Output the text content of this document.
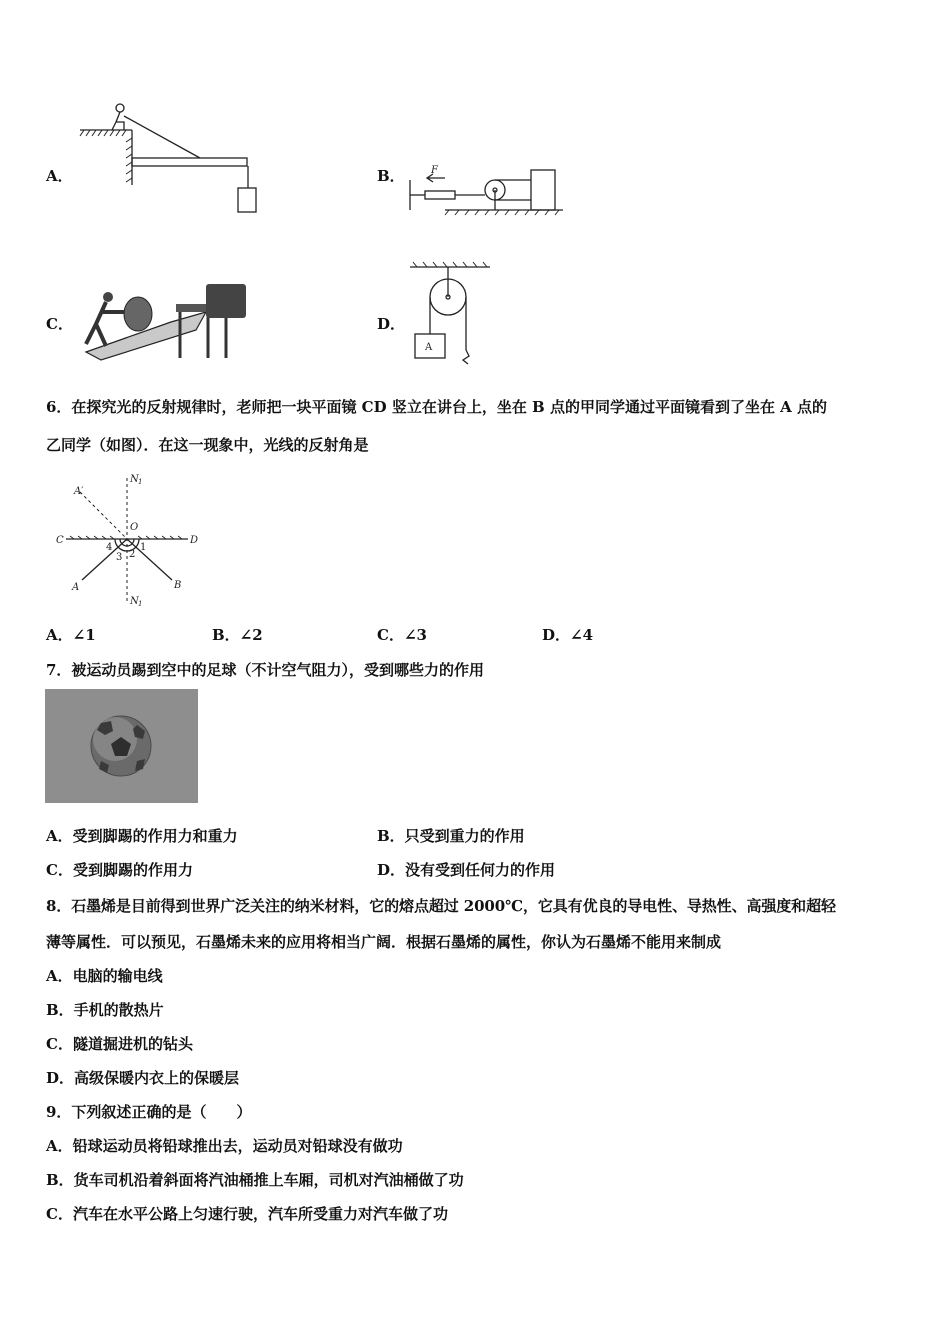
A．	B．	F
C．	D．
A
6．在探究光的反射规律时，老师把一块平面镜 CD 竖立在讲台上，坐在 B 点的甲同学通过平面镜看到了坐在 A 点的
乙同学（如图）．在这一现象中，光线的反射角是
N 1
A′
O
C	D
4	1
3 2
A	B
N 1
A．∠1	B．∠2	C．∠3	D．∠4
7．被运动员踢到空中的足球（不计空气阻力），受到哪些力的作用
A．受到脚踢的作用力和重力	B．只受到重力的作用
C．受到脚踢的作用力	D．没有受到任何力的作用
8．石墨烯是目前得到世界广泛关注的纳米材料，它的熔点超过 2000℃，它具有优良的导电性、导热性、高强度和超轻
薄等属性．可以预见，石墨烯未来的应用将相当广阔．根据石墨烯的属性，你认为石墨烯不能用来制成
A．电脑的输电线
B．手机的散热片
C．隧道掘进机的钻头
D．高级保暖内衣上的保暖层
9．下列叙述正确的是（　　）
A．铅球运动员将铅球推出去，运动员对铅球没有做功
B．货车司机沿着斜面将汽油桶推上车厢，司机对汽油桶做了功
C．汽车在水平公路上匀速行驶，汽车所受重力对汽车做了功
